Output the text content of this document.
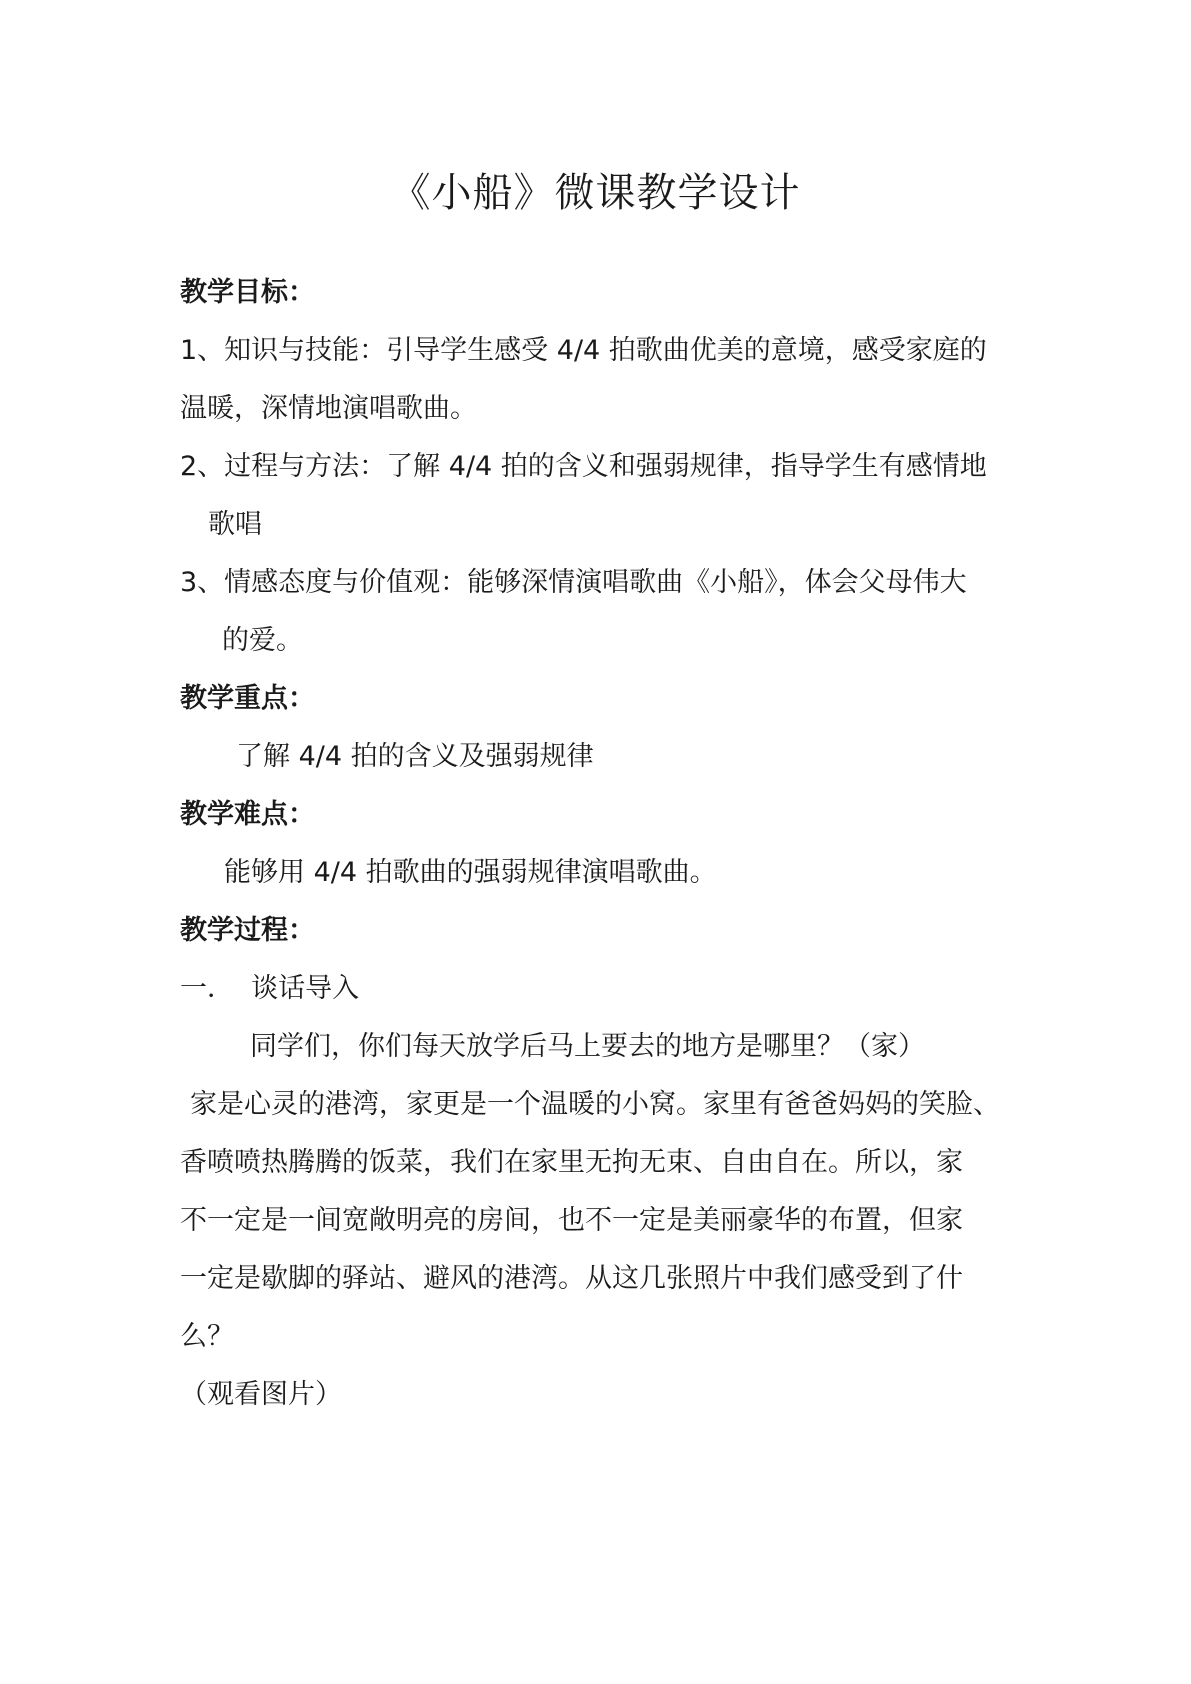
《小船》微课教学设计
教学目标：
1、知识与技能：引导学生感受 4/4 拍歌曲优美的意境，感受家庭的
温暖，深情地演唱歌曲。
2、过程与方法：了解 4/4 拍的含义和强弱规律，指导学生有感情地
歌唱
3、情感态度与价值观：能够深情演唱歌曲《小船》，体会父母伟大
的爱。
教学重点：
了解 4/4 拍的含义及强弱规律
教学难点：
能够用 4/4 拍歌曲的强弱规律演唱歌曲。
教学过程：
一．  谈话导入
同学们，你们每天放学后马上要去的地方是哪里？（家）
家是心灵的港湾，家更是一个温暖的小窝。家里有爸爸妈妈的笑脸、
香喷喷热腾腾的饭菜，我们在家里无拘无束、自由自在。所以，家
不一定是一间宽敞明亮的房间，也不一定是美丽豪华的布置，但家
一定是歇脚的驿站、避风的港湾。从这几张照片中我们感受到了什
么？
（观看图片）
